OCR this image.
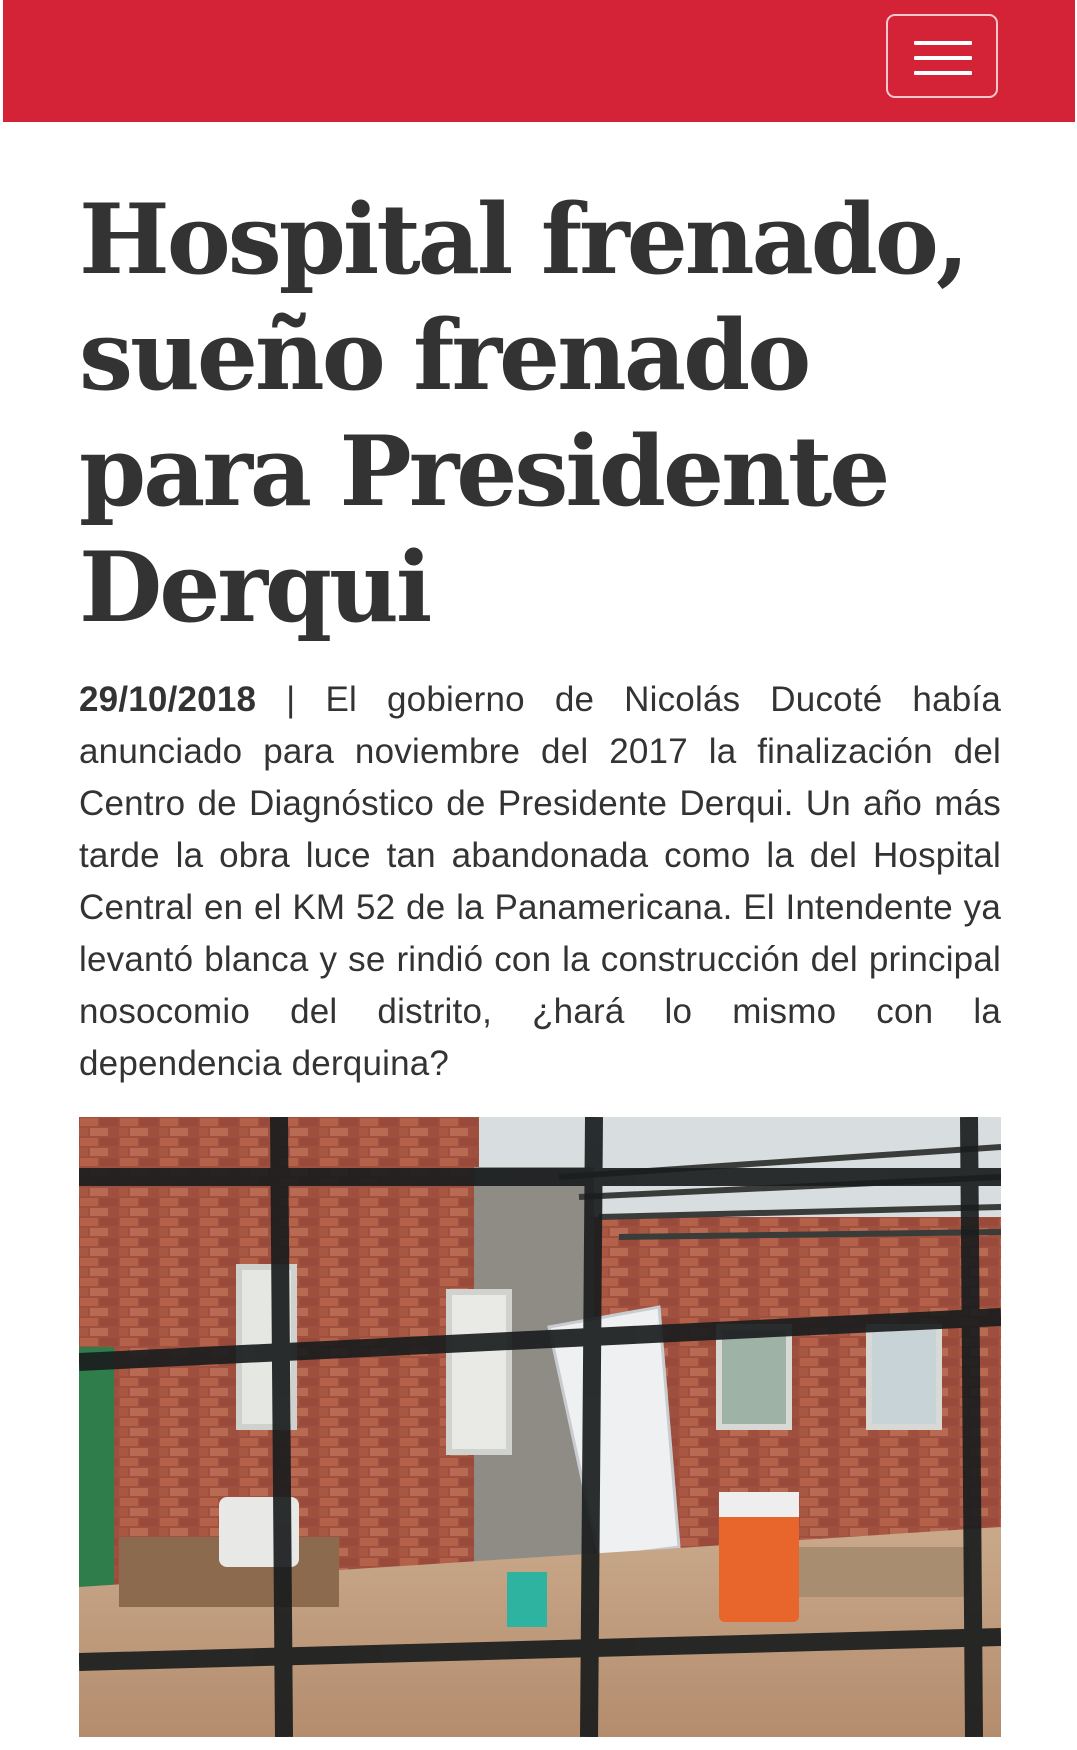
Hospital frenado, sueño frenado para Presidente Derqui

29/10/2018 | El gobierno de Nicolás Ducoté había anunciado para noviembre del 2017 la finalización del Centro de Diagnóstico de Presidente Derqui. Un año más tarde la obra luce tan abandonada como la del Hospital Central en el KM 52 de la Panamericana. El Intendente ya levantó blanca y se rindió con la construcción del principal nosocomio del distrito, ¿hará lo mismo con la dependencia derquina?
